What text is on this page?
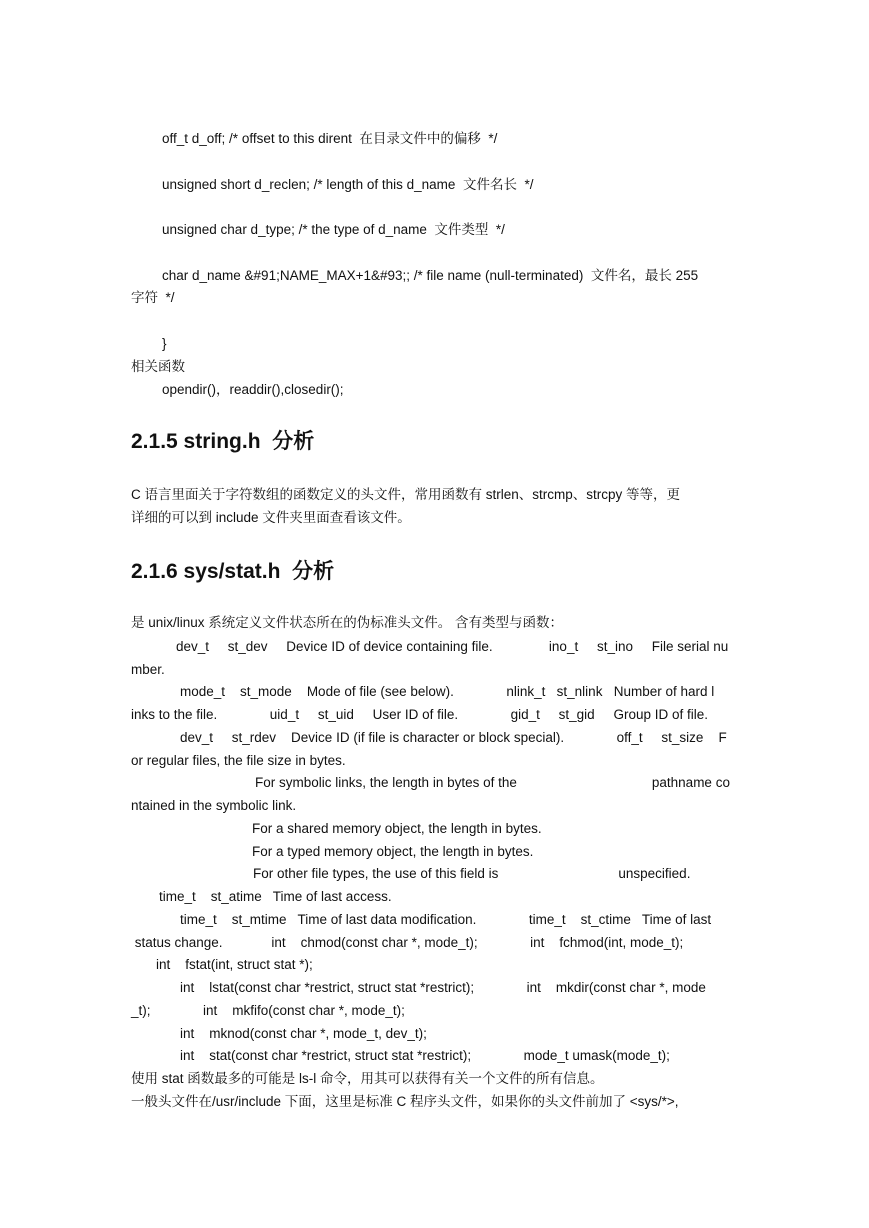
off_t d_off; /* offset to this dirent  在目录文件中的偏移  */
unsigned short d_reclen; /* length of this d_name  文件名长  */
unsigned char d_type; /* the type of d_name  文件类型  */
char d_name &#91;NAME_MAX+1&#93;; /* file name (null-terminated)  文件名，最长 255
字符  */
}
相关函数
opendir()，readdir(),closedir();
2.1.5 string.h  分析
C 语言里面关于字符数组的函数定义的头文件，常用函数有 strlen、strcmp、strcpy 等等，更
详细的可以到 include 文件夹里面查看该文件。
2.1.6 sys/stat.h  分析
是 unix/linux 系统定义文件状态所在的伪标准头文件。 含有类型与函数：
dev_t     st_dev     Device ID of device containing file.               ino_t     st_ino     File serial nu
mber.
mode_t    st_mode    Mode of file (see below).              nlink_t   st_nlink   Number of hard l
inks to the file.              uid_t     st_uid     User ID of file.              gid_t     st_gid     Group ID of file.
dev_t     st_rdev    Device ID (if file is character or block special).              off_t     st_size    F
or regular files, the file size in bytes.
For symbolic links, the length in bytes of the                                    pathname co
ntained in the symbolic link.
For a shared memory object, the length in bytes.
For a typed memory object, the length in bytes.
For other file types, the use of this field is                                unspecified.
time_t    st_atime   Time of last access.
time_t    st_mtime   Time of last data modification.              time_t    st_ctime   Time of last
status change.             int    chmod(const char *, mode_t);              int    fchmod(int, mode_t);
int    fstat(int, struct stat *);
int    lstat(const char *restrict, struct stat *restrict);              int    mkdir(const char *, mode
_t);              int    mkfifo(const char *, mode_t);
int    mknod(const char *, mode_t, dev_t);
int    stat(const char *restrict, struct stat *restrict);              mode_t umask(mode_t);
使用 stat 函数最多的可能是 ls-l 命令，用其可以获得有关一个文件的所有信息。
一般头文件在/usr/include 下面，这里是标准 C 程序头文件，如果你的头文件前加了 <sys/*>,
